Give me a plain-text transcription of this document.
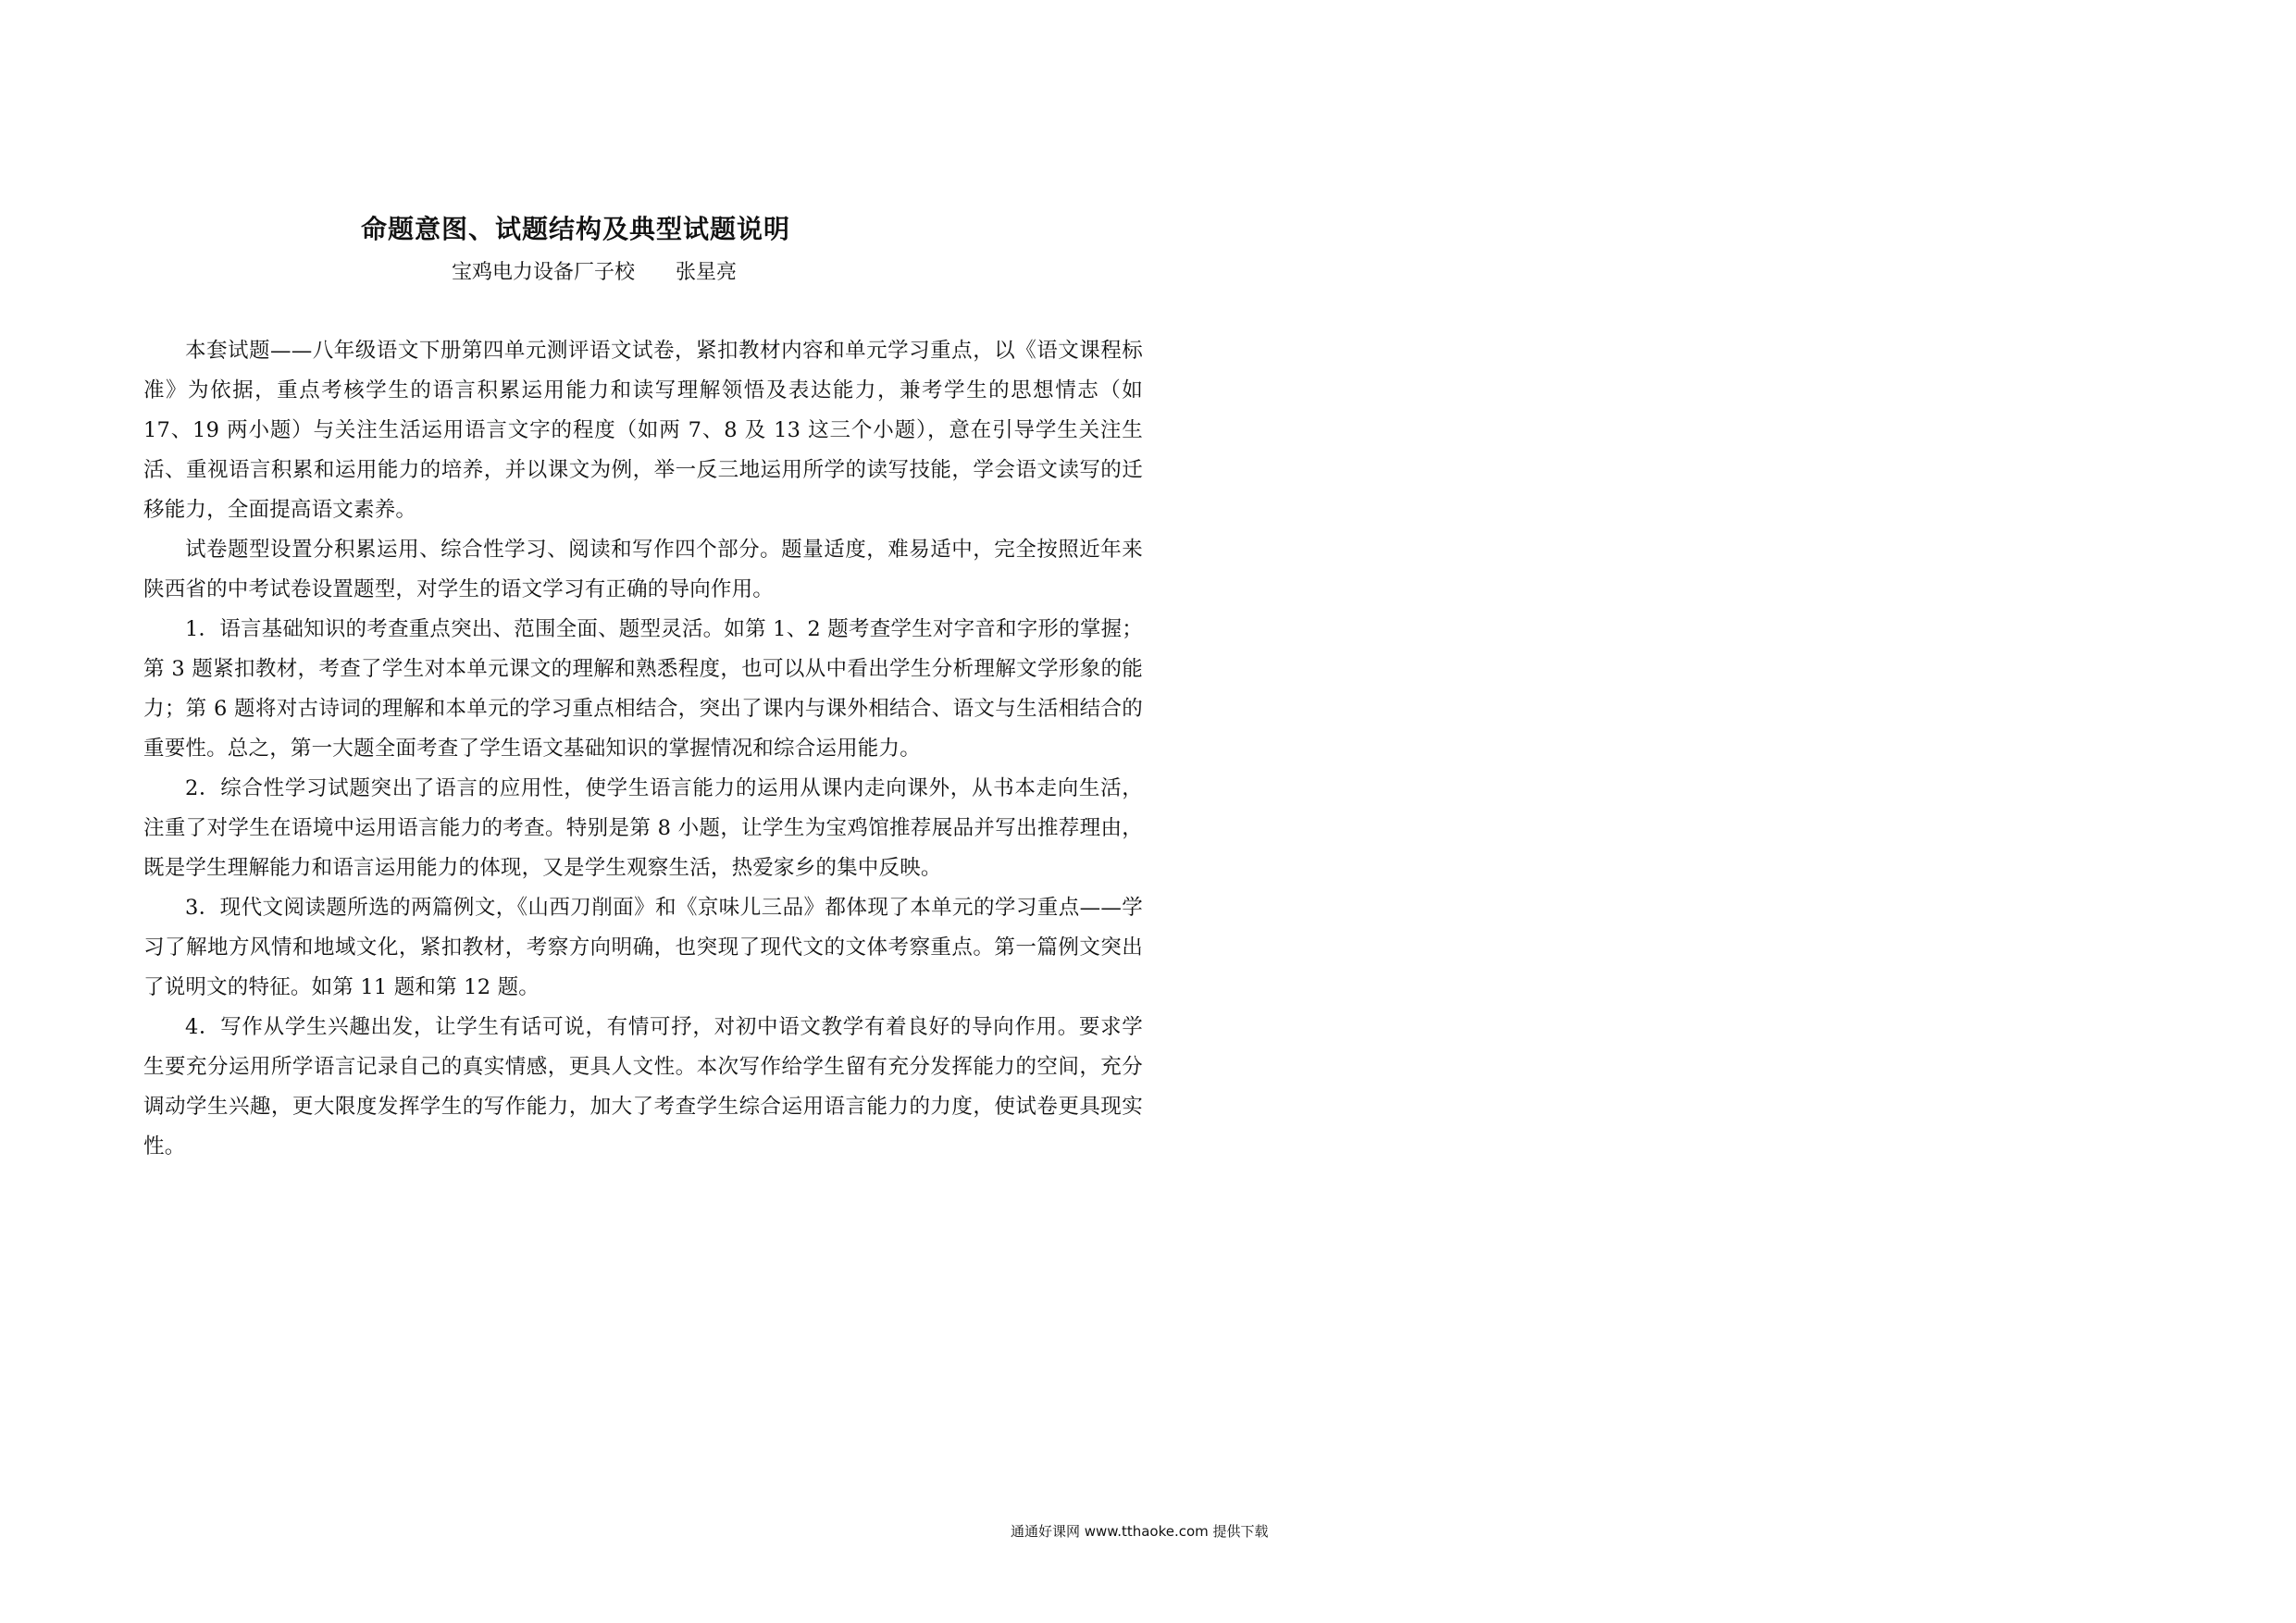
命题意图、试题结构及典型试题说明
宝鸡电力设备厂子校 张星亮

本套试题——八年级语文下册第四单元测评语文试卷，紧扣教材内容和单元学习重点，以《语文课程标准》为依据，重点考核学生的语言积累运用能力和读写理解领悟及表达能力，兼考学生的思想情志（如 17、19 两小题）与关注生活运用语言文字的程度（如两 7、8 及 13 这三个小题），意在引导学生关注生活、重视语言积累和运用能力的培养，并以课文为例，举一反三地运用所学的读写技能，学会语文读写的迁移能力，全面提高语文素养。

试卷题型设置分积累运用、综合性学习、阅读和写作四个部分。题量适度，难易适中，完全按照近年来陕西省的中考试卷设置题型，对学生的语文学习有正确的导向作用。

1．语言基础知识的考查重点突出、范围全面、题型灵活。如第 1、2 题考查学生对字音和字形的掌握；第 3 题紧扣教材，考查了学生对本单元课文的理解和熟悉程度，也可以从中看出学生分析理解文学形象的能力；第 6 题将对古诗词的理解和本单元的学习重点相结合，突出了课内与课外相结合、语文与生活相结合的重要性。总之，第一大题全面考查了学生语文基础知识的掌握情况和综合运用能力。

2．综合性学习试题突出了语言的应用性，使学生语言能力的运用从课内走向课外，从书本走向生活，注重了对学生在语境中运用语言能力的考查。特别是第 8 小题，让学生为宝鸡馆推荐展品并写出推荐理由，既是学生理解能力和语言运用能力的体现，又是学生观察生活，热爱家乡的集中反映。

3．现代文阅读题所选的两篇例文，《山西刀削面》和《京味儿三品》都体现了本单元的学习重点——学习了解地方风情和地域文化，紧扣教材，考察方向明确，也突现了现代文的文体考察重点。第一篇例文突出了说明文的特征。如第 11 题和第 12 题。

4．写作从学生兴趣出发，让学生有话可说，有情可抒，对初中语文教学有着良好的导向作用。要求学生要充分运用所学语言记录自己的真实情感，更具人文性。本次写作给学生留有充分发挥能力的空间，充分调动学生兴趣，更大限度发挥学生的写作能力，加大了考查学生综合运用语言能力的力度，使试卷更具现实性。

通通好课网 www.tthaoke.com 提供下载
